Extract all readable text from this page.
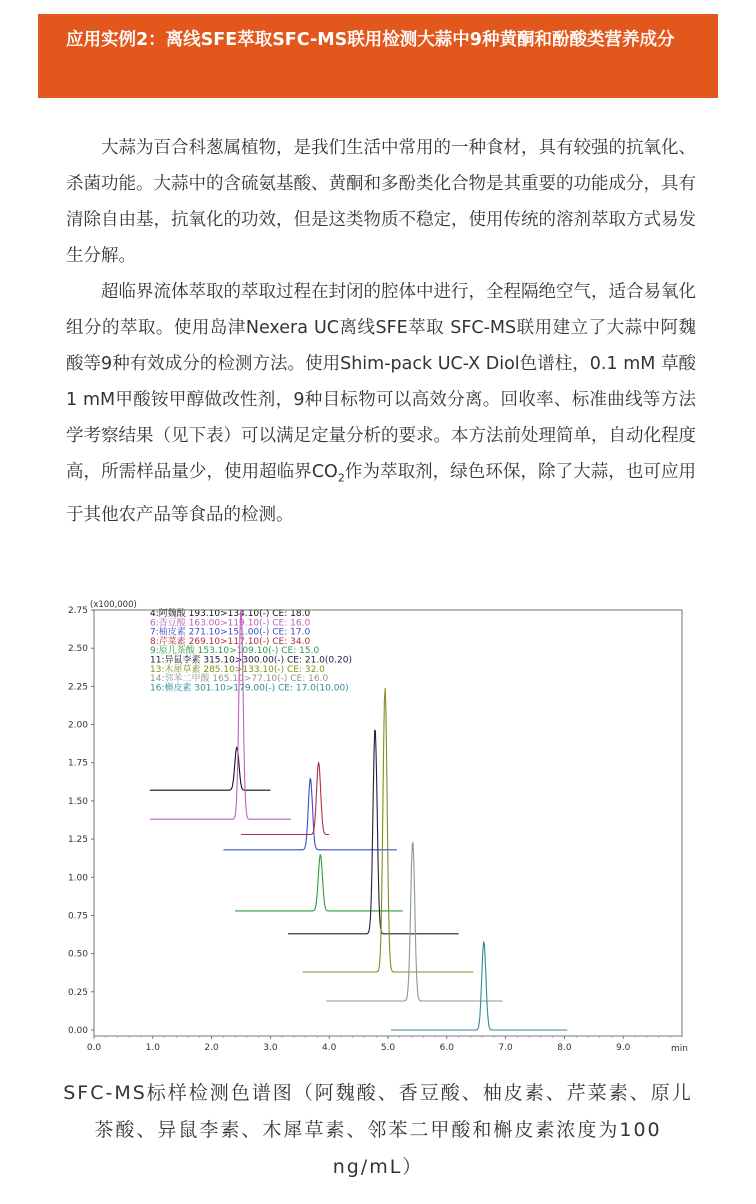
应用实例2：离线SFE萃取SFC-MS联用检测大蒜中9种黄酮和酚酸类营养成分

大蒜为百合科葱属植物，是我们生活中常用的一种食材，具有较强的抗氧化、杀菌功能。大蒜中的含硫氨基酸、黄酮和多酚类化合物是其重要的功能成分，具有清除自由基，抗氧化的功效，但是这类物质不稳定，使用传统的溶剂萃取方式易发生分解。

超临界流体萃取的萃取过程在封闭的腔体中进行，全程隔绝空气，适合易氧化组分的萃取。使用岛津Nexera UC离线SFE萃取 SFC-MS联用建立了大蒜中阿魏酸等9种有效成分的检测方法。使用Shim-pack UC-X Diol色谱柱，0.1 mM 草酸1 mM甲酸铵甲醇做改性剂，9种目标物可以高效分离。回收率、标准曲线等方法学考察结果（见下表）可以满足定量分析的要求。本方法前处理简单，自动化程度高，所需样品量少，使用超临界$CO_2$作为萃取剂，绿色环保，除了大蒜，也可应用于其他农产品等食品的检测。

(x100,000)
min
4:阿魏酸 193.10>134.10(-) CE: 18.0
6:香豆酸 163.00>119.10(-) CE: 16.0
7:柚皮素 271.10>151.00(-) CE: 17.0
8:芹菜素 269.10>117.10(-) CE: 34.0
9:原儿茶酸 153.10>109.10(-) CE: 15.0
11:异鼠李素 315.10>300.00(-) CE: 21.0(0.20)
13:木犀草素 285.10>133.10(-) CE: 32.0
14:邻苯二甲酸 165.10>77.10(-) CE: 16.0
16:槲皮素 301.10>179.00(-) CE: 17.0(10.00)
0.00
0.25
0.50
0.75
1.00
1.25
1.50
1.75
2.00
2.25
2.50
2.75
0.0	1.0	2.0	3.0	4.0	5.0	6.0	7.0	8.0	9.0
SFC-MS标样检测色谱图（阿魏酸、香豆酸、柚皮素、芹菜素、原儿茶酸、异鼠李素、木犀草素、邻苯二甲酸和槲皮素浓度为100 ng/mL）
